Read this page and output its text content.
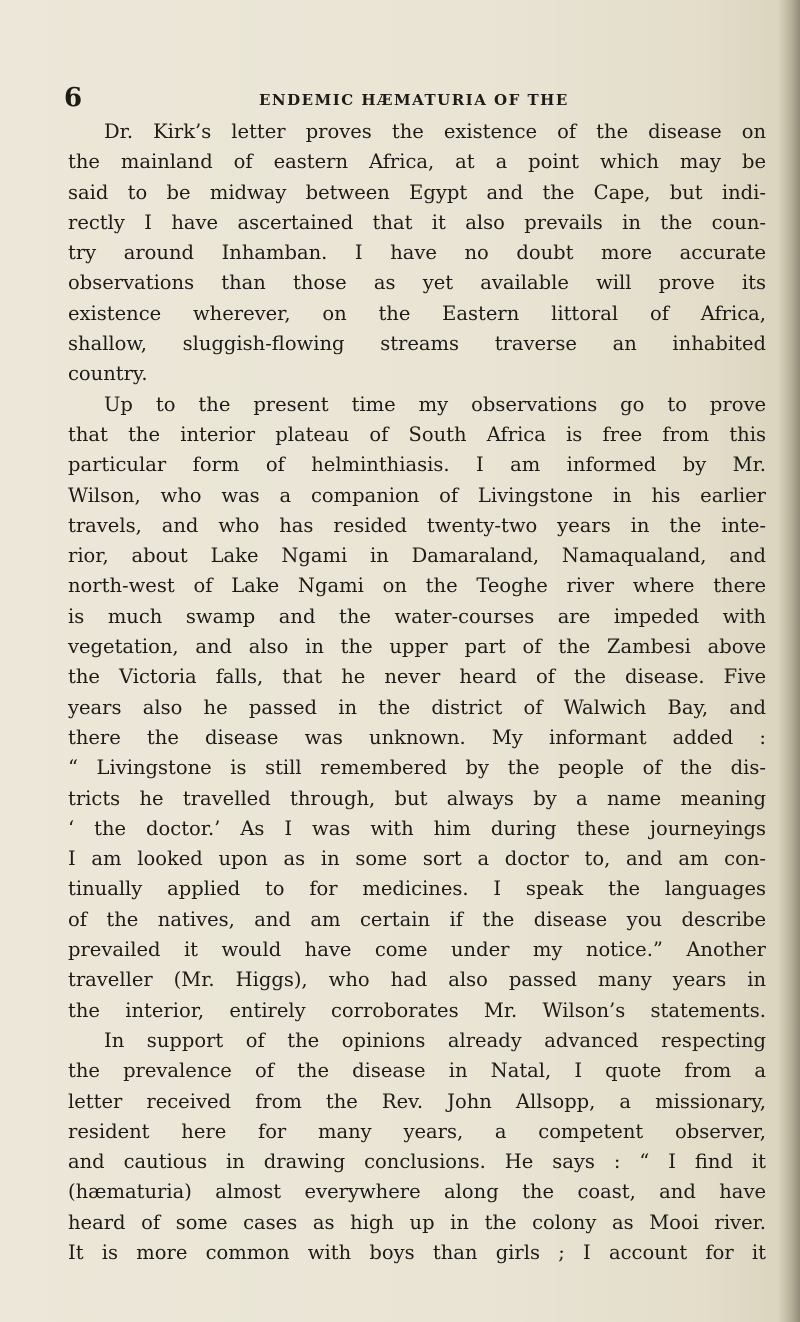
6	ENDEMIC HÆMATURIA OF THE
Dr. Kirk’s letter proves the existence of the disease on
the mainland of eastern Africa, at a point which may be
said to be midway between Egypt and the Cape, but indi-
rectly I have ascertained that it also prevails in the coun-
try around Inhamban. I have no doubt more accurate
observations than those as yet available will prove its
existence wherever, on the Eastern littoral of Africa,
shallow, sluggish-flowing streams traverse an inhabited
country.
Up to the present time my observations go to prove
that the interior plateau of South Africa is free from this
particular form of helminthiasis. I am informed by Mr.
Wilson, who was a companion of Livingstone in his earlier
travels, and who has resided twenty-two years in the inte-
rior, about Lake Ngami in Damaraland, Namaqualand, and
north-west of Lake Ngami on the Teoghe river where there
is much swamp and the water-courses are impeded with
vegetation, and also in the upper part of the Zambesi above
the Victoria falls, that he never heard of the disease. Five
years also he passed in the district of Walwich Bay, and
there the disease was unknown. My informant added :
“ Livingstone is still remembered by the people of the dis-
tricts he travelled through, but always by a name meaning
‘ the doctor.’ As I was with him during these journeyings
I am looked upon as in some sort a doctor to, and am con-
tinually applied to for medicines. I speak the languages
of the natives, and am certain if the disease you describe
prevailed it would have come under my notice.” Another
traveller (Mr. Higgs), who had also passed many years in
the interior, entirely corroborates Mr. Wilson’s statements.
In support of the opinions already advanced respecting
the prevalence of the disease in Natal, I quote from a
letter received from the Rev. John Allsopp, a missionary,
resident here for many years, a competent observer,
and cautious in drawing conclusions. He says : “ I find it
(hæmaturia) almost everywhere along the coast, and have
heard of some cases as high up in the colony as Mooi river.
It is more common with boys than girls ; I account for it
